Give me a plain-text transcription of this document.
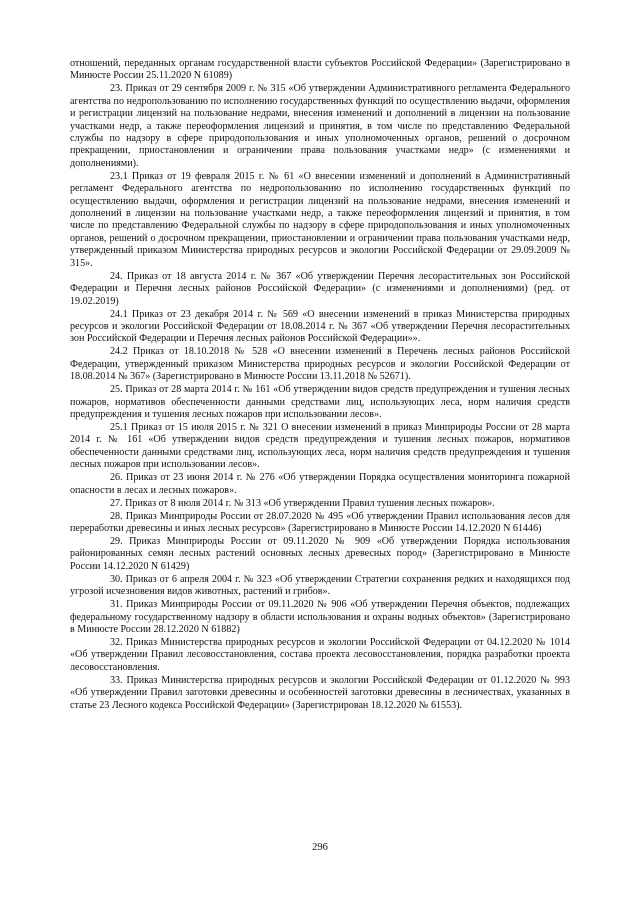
отношений, переданных органам государственной власти субъектов Российской Федерации» (Зарегистрировано в Минюсте России 25.11.2020 N 61089)

23. Приказ от 29 сентября 2009 г. № 315 «Об утверждении Административного регламента Федерального агентства по недропользованию по исполнению государственных функций по осуществлению выдачи, оформления и регистрации лицензий на пользование недрами, внесения изменений и дополнений в лицензии на пользование участками недр, а также переоформления лицензий и принятия, в том числе по представлению Федеральной службы по надзору в сфере природопользования и иных уполномоченных органов, решений о досрочном прекращении, приостановлении и ограничении права пользования участками недр» (с изменениями и дополнениями).

23.1 Приказ от 19 февраля 2015 г. № 61 «О внесении изменений и дополнений в Административный регламент Федерального агентства по недропользованию по исполнению государственных функций по осуществлению выдачи, оформления и регистрации лицензий на пользование недрами, внесения изменений и дополнений в лицензии на пользование участками недр, а также переоформления лицензий и принятия, в том числе по представлению Федеральной службы по надзору в сфере природопользования и иных уполномоченных органов, решений о досрочном прекращении, приостановлении и ограничении права пользования участками недр, утвержденный приказом Министерства природных ресурсов и экологии Российской Федерации от 29.09.2009 № 315».

24. Приказ от 18 августа 2014 г. № 367 «Об утверждении Перечня лесорастительных зон Российской Федерации и Перечня лесных районов Российской Федерации» (с изменениями и дополнениями) (ред. от 19.02.2019)

24.1 Приказ от 23 декабря 2014 г. № 569 «О внесении изменений в приказ Министерства природных ресурсов и экологии Российской Федерации от 18.08.2014 г. № 367 «Об утверждении Перечня лесорастительных зон Российской Федерации и Перечня лесных районов Российской Федерации»».

24.2 Приказ от 18.10.2018 № 528 «О внесении изменений в Перечень лесных районов Российской Федерации, утвержденный приказом Министерства природных ресурсов и экологии Российской Федерации от 18.08.2014 № 367» (Зарегистрировано в Минюсте России 13.11.2018 № 52671).

25. Приказ от 28 марта 2014 г. № 161 «Об утверждении видов средств предупреждения и тушения лесных пожаров, нормативов обеспеченности данными средствами лиц, использующих леса, норм наличия средств предупреждения и тушения лесных пожаров при использовании лесов».

25.1 Приказ от 15 июля 2015 г. № 321 О внесении изменений в приказ Минприроды России от 28 марта 2014 г. № 161 «Об утверждении видов средств предупреждения и тушения лесных пожаров, нормативов обеспеченности данными средствами лиц, использующих леса, норм наличия средств предупреждения и тушения лесных пожаров при использовании лесов».

26. Приказ от 23 июня 2014 г. № 276 «Об утверждении Порядка осуществления мониторинга пожарной опасности в лесах и лесных пожаров».

27. Приказ от 8 июля 2014 г. № 313 «Об утверждении Правил тушения лесных пожаров».

28. Приказ Минприроды России от 28.07.2020 № 495 «Об утверждении Правил использования лесов для переработки древесины и иных лесных ресурсов» (Зарегистрировано в Минюсте России 14.12.2020 N 61446)

29. Приказ Минприроды России от 09.11.2020 № 909 «Об утверждении Порядка использования районированных семян лесных растений основных лесных древесных пород» (Зарегистрировано в Минюсте России 14.12.2020 N 61429)

30. Приказ от 6 апреля 2004 г. № 323 «Об утверждении Стратегии сохранения редких и находящихся под угрозой исчезновения видов животных, растений и грибов».

31. Приказ Минприроды России от 09.11.2020 № 906 «Об утверждении Перечня объектов, подлежащих федеральному государственному надзору в области использования и охраны водных объектов» (Зарегистрировано в Минюсте России 28.12.2020 N 61882)

32. Приказ Министерства природных ресурсов и экологии Российской Федерации от 04.12.2020 № 1014 «Об утверждении Правил лесовосстановления, состава проекта лесовосстановления, порядка разработки проекта лесовосстановления.

33. Приказ Министерства природных ресурсов и экологии Российской Федерации от 01.12.2020 № 993 «Об утверждении Правил заготовки древесины и особенностей заготовки древесины в лесничествах, указанных в статье 23 Лесного кодекса Российской Федерации» (Зарегистрирован 18.12.2020 № 61553).

296
